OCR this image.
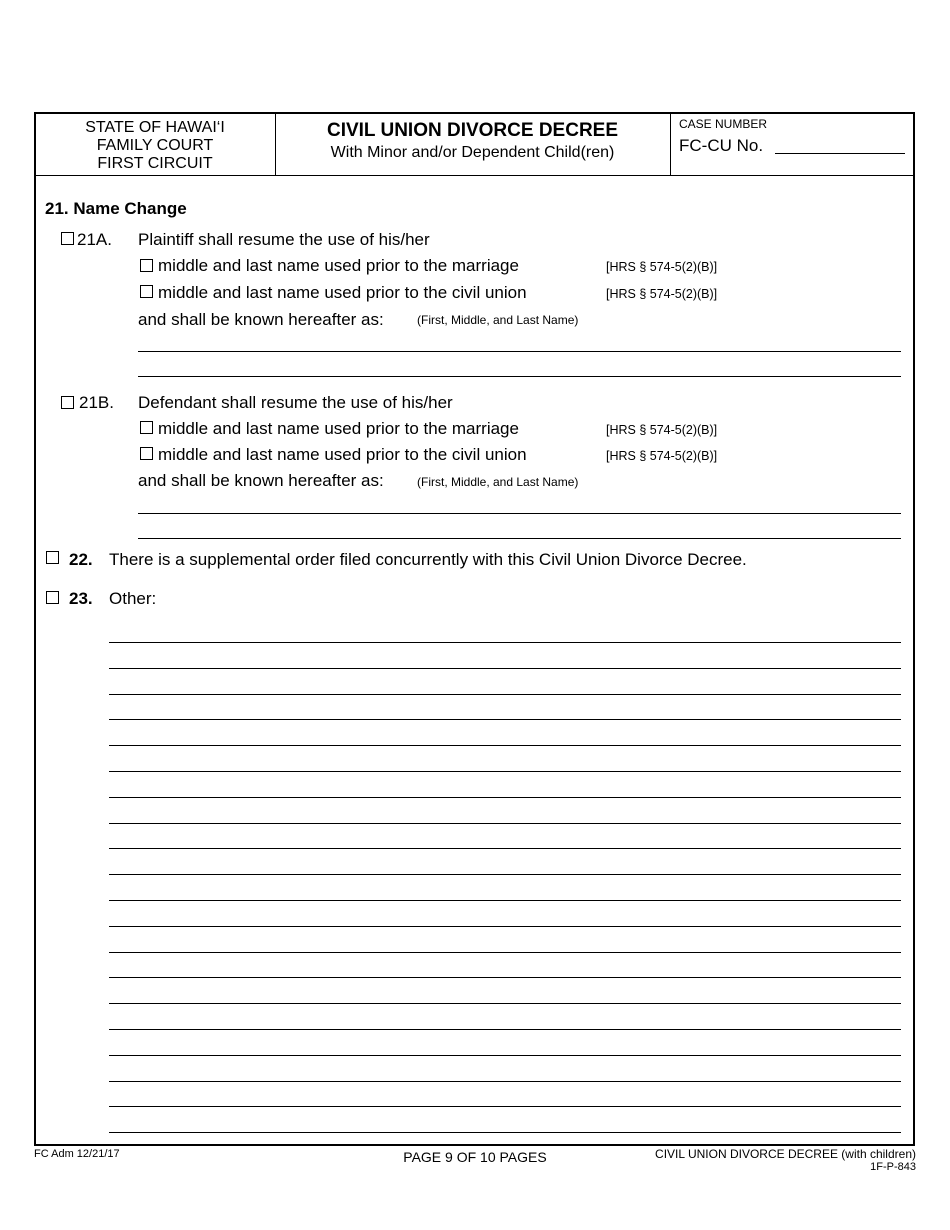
STATE OF HAWAI‘I
FAMILY COURT
FIRST CIRCUIT
CIVIL UNION DIVORCE DECREE
With Minor and/or Dependent Child(ren)
CASE NUMBER
FC-CU No.
21. Name Change
21A. Plaintiff shall resume the use of his/her
middle and last name used prior to the marriage	[HRS § 574-5(2)(B)]
middle and last name used prior to the civil union	[HRS § 574-5(2)(B)]
and shall be known hereafter as:	(First, Middle, and Last Name)
21B. Defendant shall resume the use of his/her
middle and last name used prior to the marriage	[HRS § 574-5(2)(B)]
middle and last name used prior to the civil union	[HRS § 574-5(2)(B)]
and shall be known hereafter as:	(First, Middle, and Last Name)
22. There is a supplemental order filed concurrently with this Civil Union Divorce Decree.
23. Other:
FC Adm 12/21/17	PAGE 9 OF 10 PAGES	CIVIL UNION DIVORCE DECREE (with children)
1F-P-843
